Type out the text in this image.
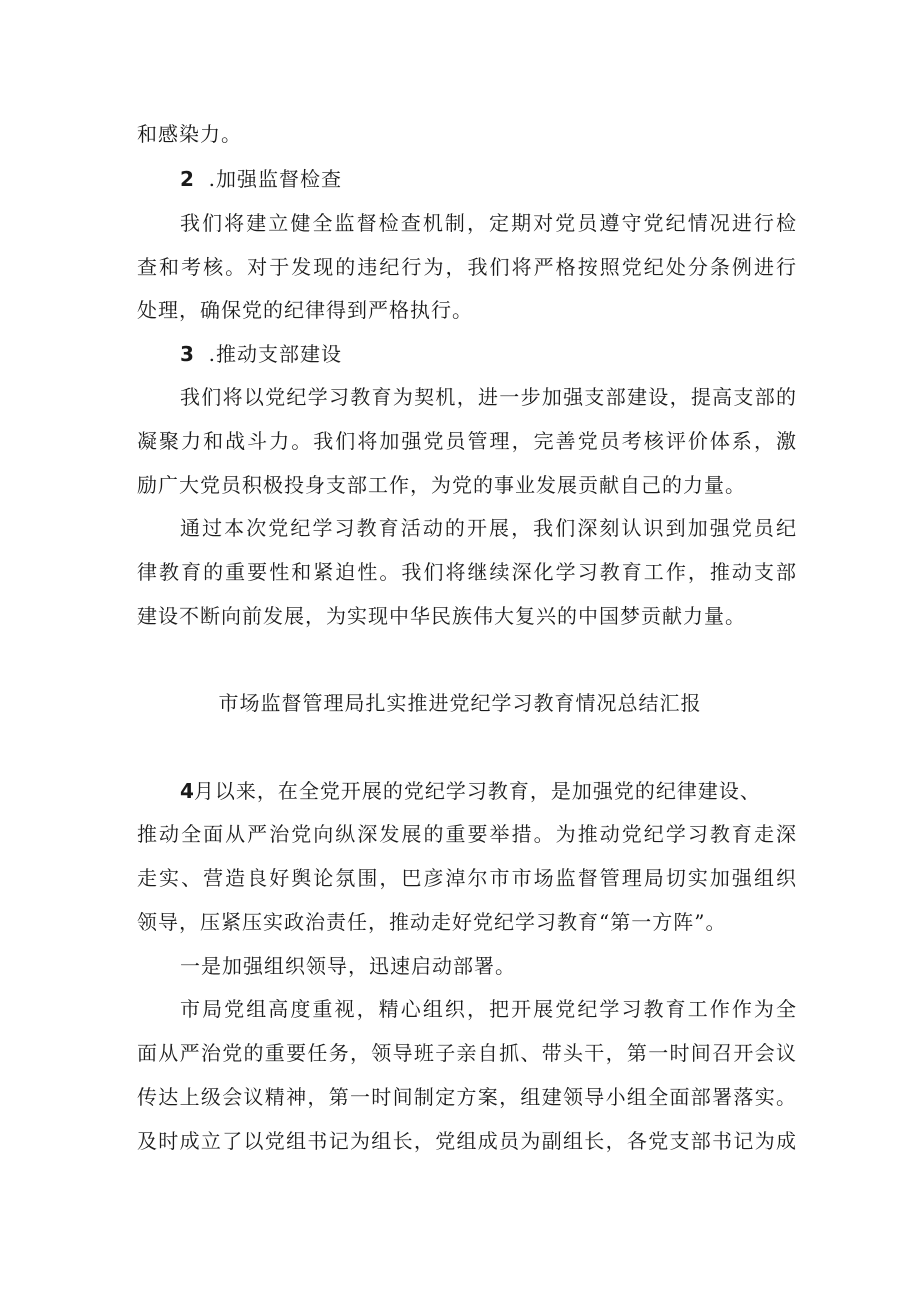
和感染力。
2 .加强监督检查
我们将建立健全监督检查机制，定期对党员遵守党纪情况进行检
查和考核。对于发现的违纪行为，我们将严格按照党纪处分条例进行
处理，确保党的纪律得到严格执行。
3 .推动支部建设
我们将以党纪学习教育为契机，进一步加强支部建设，提高支部的
凝聚力和战斗力。我们将加强党员管理，完善党员考核评价体系，激
励广大党员积极投身支部工作，为党的事业发展贡献自己的力量。
通过本次党纪学习教育活动的开展，我们深刻认识到加强党员纪
律教育的重要性和紧迫性。我们将继续深化学习教育工作，推动支部
建设不断向前发展，为实现中华民族伟大复兴的中国梦贡献力量。
市场监督管理局扎实推进党纪学习教育情况总结汇报
4月以来，在全党开展的党纪学习教育，是加强党的纪律建设、
推动全面从严治党向纵深发展的重要举措。为推动党纪学习教育走深
走实、营造良好舆论氛围，巴彦淖尔市市场监督管理局切实加强组织
领导，压紧压实政治责任，推动走好党纪学习教育“第一方阵”。
一是加强组织领导，迅速启动部署。
市局党组高度重视，精心组织，把开展党纪学习教育工作作为全
面从严治党的重要任务，领导班子亲自抓、带头干，第一时间召开会议
传达上级会议精神，第一时间制定方案，组建领导小组全面部署落实。
及时成立了以党组书记为组长，党组成员为副组长，各党支部书记为成
